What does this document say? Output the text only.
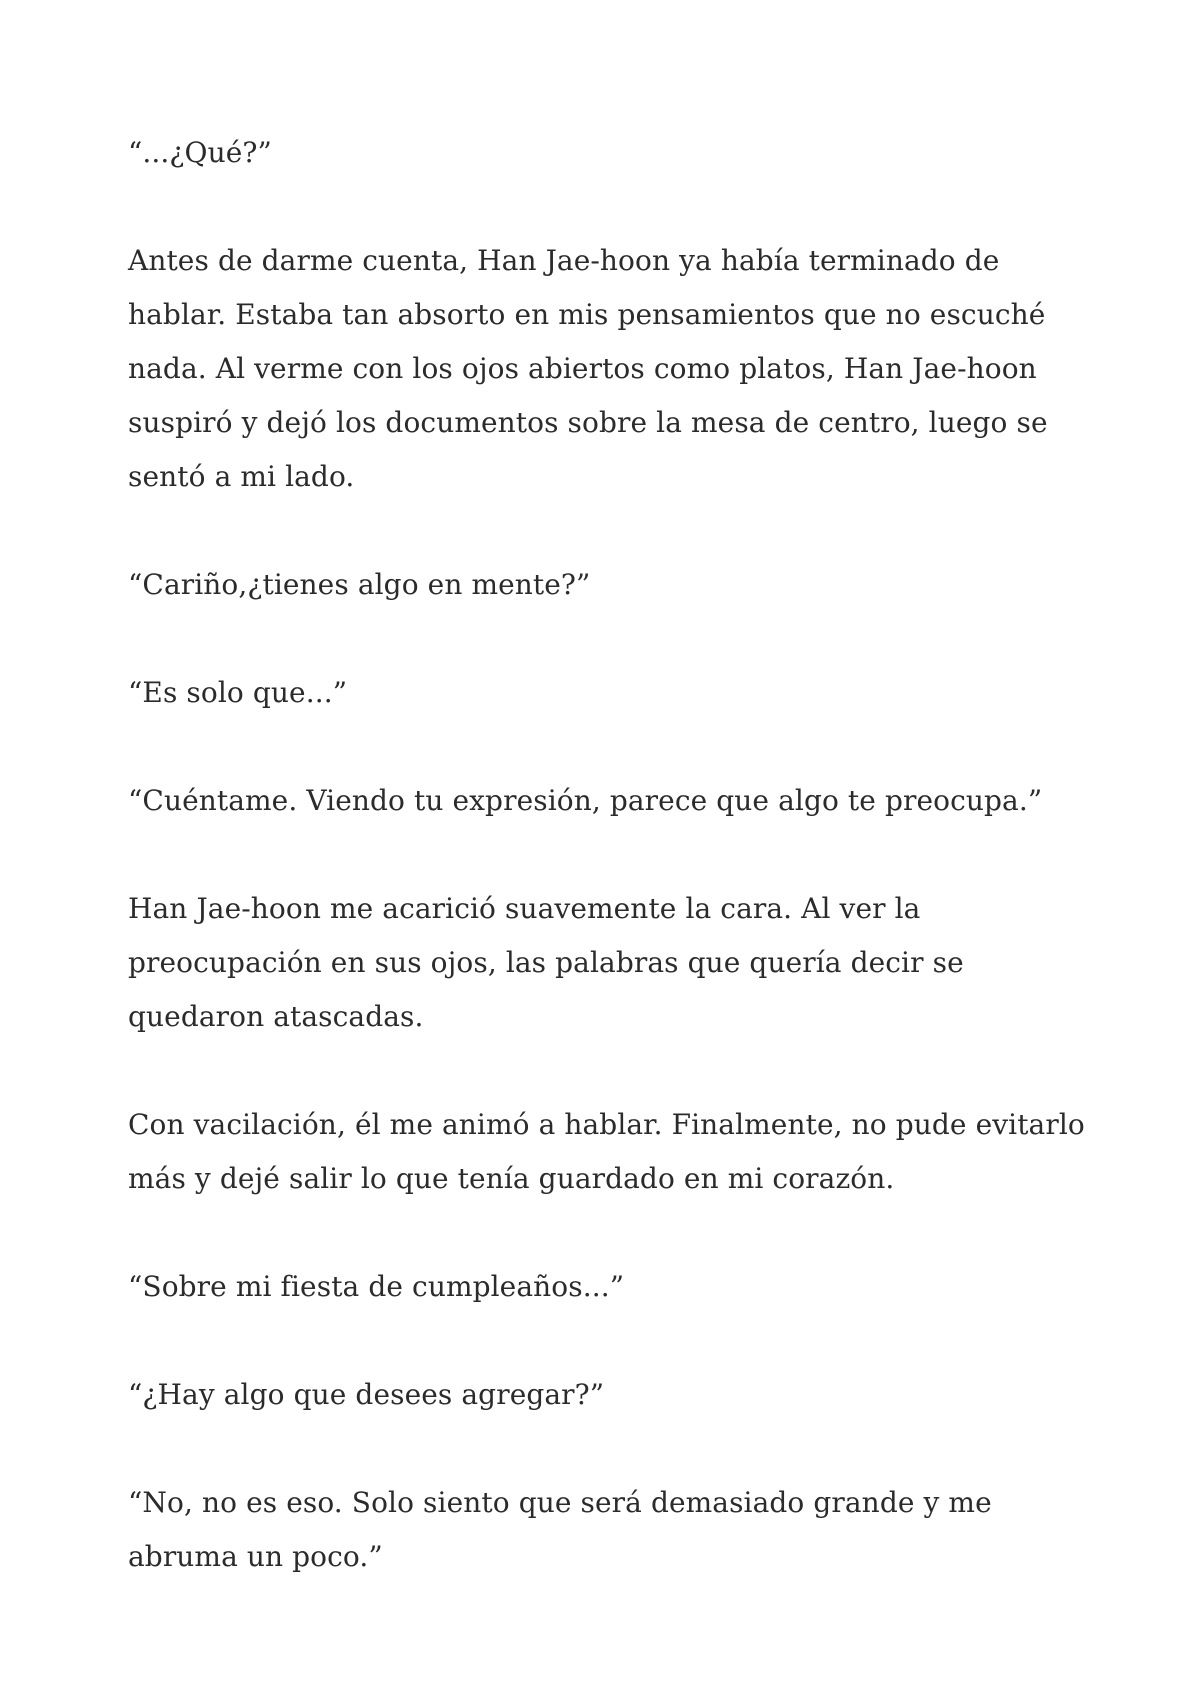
“...¿Qué?”

Antes de darme cuenta, Han Jae-hoon ya había terminado de hablar. Estaba tan absorto en mis pensamientos que no escuché nada. Al verme con los ojos abiertos como platos, Han Jae-hoon suspiró y dejó los documentos sobre la mesa de centro, luego se sentó a mi lado.

“Cariño,¿tienes algo en mente?”

“Es solo que...”

“Cuéntame. Viendo tu expresión, parece que algo te preocupa.”

Han Jae-hoon me acarició suavemente la cara. Al ver la preocupación en sus ojos, las palabras que quería decir se quedaron atascadas.

Con vacilación, él me animó a hablar. Finalmente, no pude evitarlo más y dejé salir lo que tenía guardado en mi corazón.

“Sobre mi fiesta de cumpleaños...”

“¿Hay algo que desees agregar?”

“No, no es eso. Solo siento que será demasiado grande y me abruma un poco.”
